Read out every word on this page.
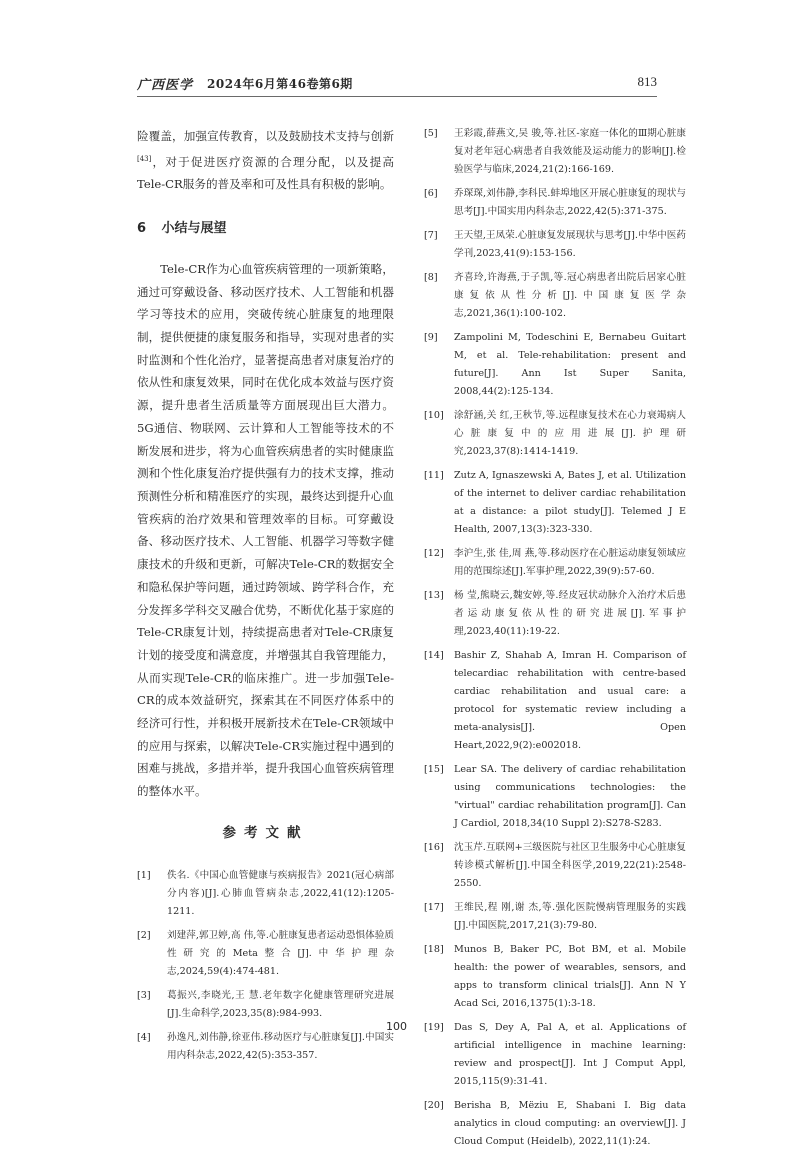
广西医学 2024年6月第46卷第6期	813

险覆盖，加强宣传教育，以及鼓励技术支持与创新[43]，对于促进医疗资源的合理分配，以及提高Tele-CR服务的普及率和可及性具有积极的影响。

6 小结与展望

Tele-CR作为心血管疾病管理的一项新策略，通过可穿戴设备、移动医疗技术、人工智能和机器学习等技术的应用，突破传统心脏康复的地理限制，提供便捷的康复服务和指导，实现对患者的实时监测和个性化治疗，显著提高患者对康复治疗的依从性和康复效果，同时在优化成本效益与医疗资源，提升患者生活质量等方面展现出巨大潜力。5G通信、物联网、云计算和人工智能等技术的不断发展和进步，将为心血管疾病患者的实时健康监测和个性化康复治疗提供强有力的技术支撑，推动预测性分析和精准医疗的实现，最终达到提升心血管疾病的治疗效果和管理效率的目标。可穿戴设备、移动医疗技术、人工智能、机器学习等数字健康技术的升级和更新，可解决Tele-CR的数据安全和隐私保护等问题，通过跨领域、跨学科合作，充分发挥多学科交叉融合优势，不断优化基于家庭的Tele-CR康复计划，持续提高患者对Tele-CR康复计划的接受度和满意度，并增强其自我管理能力，从而实现Tele-CR的临床推广。进一步加强Tele-CR的成本效益研究，探索其在不同医疗体系中的经济可行性，并积极开展新技术在Tele-CR领域中的应用与探索，以解决Tele-CR实施过程中遇到的困难与挑战，多措并举，提升我国心血管疾病管理的整体水平。

参考文献
[1]	佚名.《中国心血管健康与疾病报告》2021(冠心病部分内容)[J].心肺血管病杂志,2022,41(12):1205-1211.
[2]	刘建萍,郭卫婷,高 伟,等.心脏康复患者运动恐惧体验质性研究的Meta整合[J].中华护理杂志,2024,59(4):474-481.
[3]	葛振兴,李晓光,王 慧.老年数字化健康管理研究进展[J].生命科学,2023,35(8):984-993.
[4]	孙逸凡,刘伟静,徐亚伟.移动医疗与心脏康复[J].中国实用内科杂志,2022,42(5):353-357.
[5]	王彩霞,薛燕文,吴 骏,等.社区-家庭一体化的Ⅲ期心脏康复对老年冠心病患者自我效能及运动能力的影响[J].检验医学与临床,2024,21(2):166-169.
[6]	乔琛琛,刘伟静,李科民.蚌埠地区开展心脏康复的现状与思考[J].中国实用内科杂志,2022,42(5):371-375.
[7]	王天望,王凤荣.心脏康复发展现状与思考[J].中华中医药学刊,2023,41(9):153-156.
[8]	齐喜玲,许海燕,于子凯,等.冠心病患者出院后居家心脏康复依从性分析[J].中国康复医学杂志,2021,36(1):100-102.
[9]	Zampolini M, Todeschini E, Bernabeu Guitart M, et al. Tele-rehabilitation: present and future[J]. Ann Ist Super Sanita, 2008,44(2):125-134.
[10]	涂舒涵,关 红,王秋节,等.远程康复技术在心力衰竭病人心脏康复中的应用进展[J].护理研究,2023,37(8):1414-1419.
[11]	Zutz A, Ignaszewski A, Bates J, et al. Utilization of the internet to deliver cardiac rehabilitation at a distance: a pilot study[J]. Telemed J E Health, 2007,13(3):323-330.
[12]	李沪生,张 佳,周 燕,等.移动医疗在心脏运动康复领域应用的范围综述[J].军事护理,2022,39(9):57-60.
[13]	杨 莹,熊晓云,魏安婷,等.经皮冠状动脉介入治疗术后患者运动康复依从性的研究进展[J].军事护理,2023,40(11):19-22.
[14]	Bashir Z, Shahab A, Imran H. Comparison of telecardiac rehabilitation with centre-based cardiac rehabilitation and usual care: a protocol for systematic review including a meta-analysis[J]. Open Heart,2022,9(2):e002018.
[15]	Lear SA. The delivery of cardiac rehabilitation using communications technologies: the "virtual" cardiac rehabilitation program[J]. Can J Cardiol, 2018,34(10 Suppl 2):S278-S283.
[16]	沈玉芹.互联网+三级医院与社区卫生服务中心心脏康复转诊模式解析[J].中国全科医学,2019,22(21):2548-2550.
[17]	王维民,程 刚,谢 杰,等.强化医院慢病管理服务的实践[J].中国医院,2017,21(3):79-80.
[18]	Munos B, Baker PC, Bot BM, et al. Mobile health: the power of wearables, sensors, and apps to transform clinical trials[J]. Ann N Y Acad Sci, 2016,1375(1):3-18.
[19]	Das S, Dey A, Pal A, et al. Applications of artificial intelligence in machine learning: review and prospect[J]. Int J Comput Appl, 2015,115(9):31-41.
[20]	Berisha B, Mëziu E, Shabani I. Big data analytics in cloud computing: an overview[J]. J Cloud Comput (Heidelb), 2022,11(1):24.
100
